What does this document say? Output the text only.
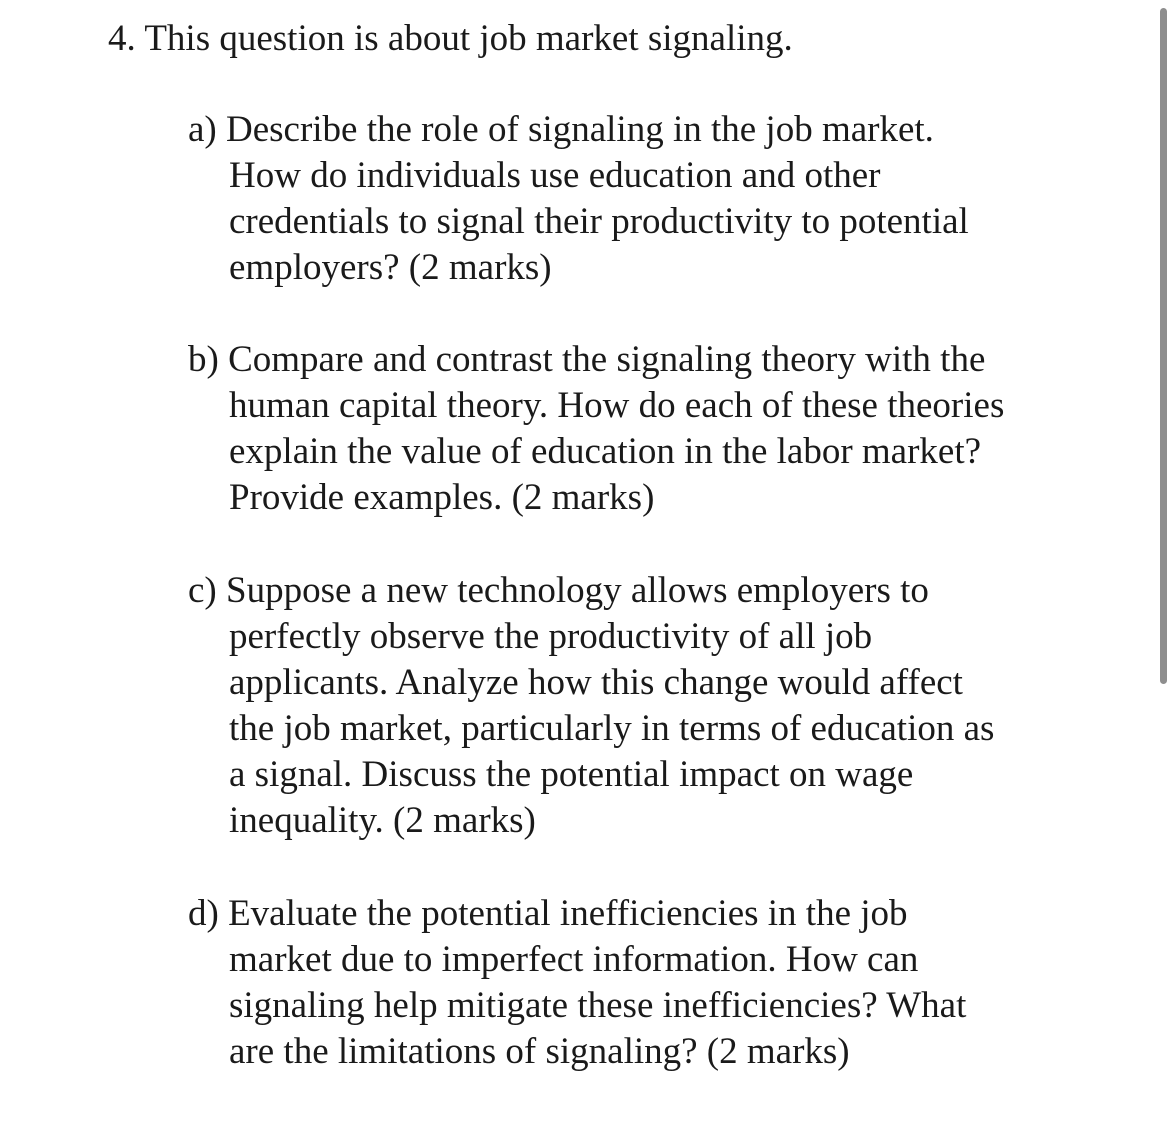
4. This question is about job market signaling.
a) Describe the role of signaling in the job market.
How do individuals use education and other
credentials to signal their productivity to potential
employers? (2 marks)
b) Compare and contrast the signaling theory with the
human capital theory. How do each of these theories
explain the value of education in the labor market?
Provide examples. (2 marks)
c) Suppose a new technology allows employers to
perfectly observe the productivity of all job
applicants. Analyze how this change would affect
the job market, particularly in terms of education as
a signal. Discuss the potential impact on wage
inequality. (2 marks)
d) Evaluate the potential inefficiencies in the job
market due to imperfect information. How can
signaling help mitigate these inefficiencies? What
are the limitations of signaling? (2 marks)
